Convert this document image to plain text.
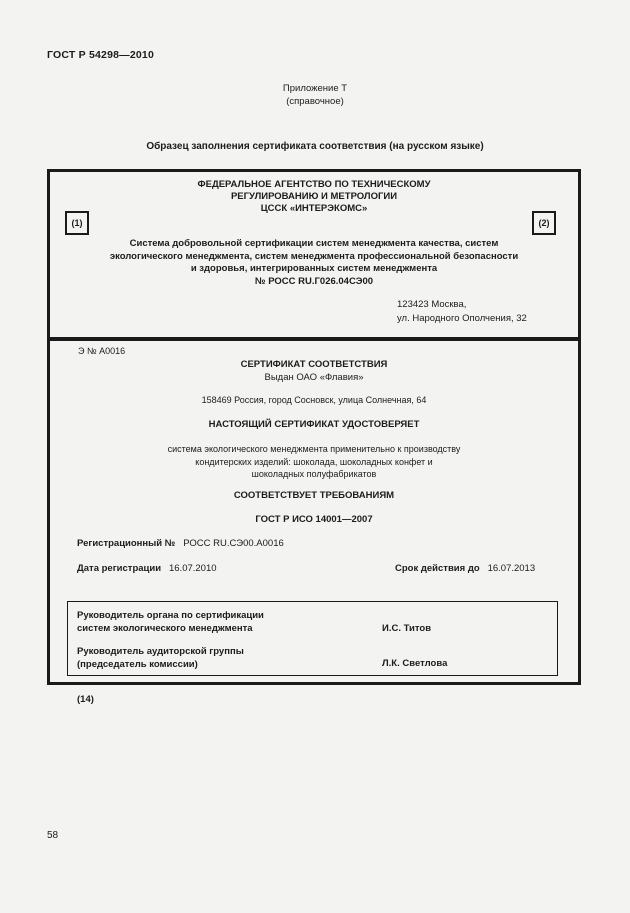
ГОСТ Р 54298—2010
Приложение Т
(справочное)
Образец заполнения сертификата соответствия (на русском языке)
ФЕДЕРАЛЬНОЕ АГЕНТСТВО ПО ТЕХНИЧЕСКОМУ
РЕГУЛИРОВАНИЮ И МЕТРОЛОГИИ
ЦССК «ИНТЕРЭКОМС»
(1)	(2)
Система добровольной сертификации систем менеджмента качества, систем
экологического менеджмента, систем менеджмента профессиональной безопасности
и здоровья, интегрированных систем менеджмента
№ РОСС RU.Г026.04СЭ00
123423 Москва,
ул. Народного Ополчения, 32
Э № А0016
СЕРТИФИКАТ СООТВЕТСТВИЯ
Выдан ОАО «Флавия»
158469 Россия, город Сосновск, улица Солнечная, 64
НАСТОЯЩИЙ СЕРТИФИКАТ УДОСТОВЕРЯЕТ
система экологического менеджмента применительно к производству
кондитерских изделий: шоколада, шоколадных конфет и
шоколадных полуфабрикатов
СООТВЕТСТВУЕТ ТРЕБОВАНИЯМ
ГОСТ Р ИСО 14001—2007
Регистрационный № РОСС RU.СЭ00.А0016
Дата регистрации 16.07.2010	Срок действия до 16.07.2013
Руководитель органа по сертификации
систем экологического менеджмента	И.С. Титов
Руководитель аудиторской группы
(председатель комиссии)	Л.К. Светлова
(14)
58
